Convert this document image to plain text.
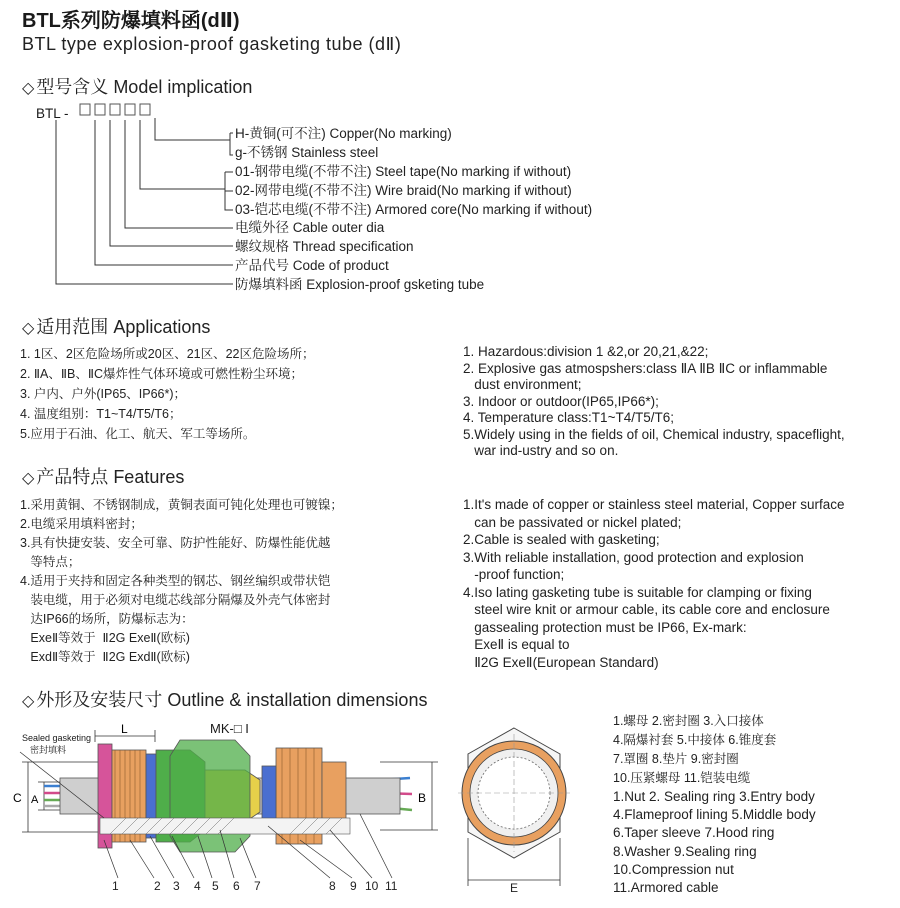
BTL系列防爆填料函(dⅡ)
BTL type explosion-proof gasketing tube (dⅡ)
◇ 型号含义 Model implication
BTL -
H-黄铜(可不注) Copper(No marking)
g-不锈钢 Stainless steel
01-钢带电缆(不带不注) Steel tape(No marking if without)
02-网带电缆(不带不注) Wire braid(No marking if without)
03-铠芯电缆(不带不注) Armored core(No marking if without)
电缆外径 Cable outer dia
螺纹规格 Thread specification
产品代号 Code of product
防爆填料函 Explosion-proof gsketing tube
◇ 适用范围 Applications
1. 1区、2区危险场所或20区、21区、22区危险场所；
2. ⅡA、ⅡB、ⅡC爆炸性气体环境或可燃性粉尘环境；
3. 户内、户外(IP65、IP66*)；
4. 温度组别：T1~T4/T5/T6；
5.应用于石油、化工、航天、军工等场所。
1. Hazardous:division 1 &2,or 20,21,&22;
2. Explosive gas atmospshers:class ⅡA ⅡB ⅡC or inflammable
dust environment;
3. Indoor or outdoor(IP65,IP66*);
4. Temperature class:T1~T4/T5/T6;
5.Widely using in the fields of oil, Chemical industry, spaceflight,
war ind-ustry and so on.
◇ 产品特点 Features
1.采用黄铜、不锈钢制成，黄铜表面可钝化处理也可镀镍；
2.电缆采用填料密封；
3.具有快捷安装、安全可靠、防护性能好、防爆性能优越
等特点；
4.适用于夹持和固定各种类型的钢芯、钢丝编织或带状铠
装电缆，用于必须对电缆芯线部分隔爆及外壳气体密封
达IP66的场所，防爆标志为：
ExeⅡ等效于  Ⅱ2G ExeⅡ(欧标)
ExdⅡ等效于  Ⅱ2G ExdⅡ(欧标)
1.It's made of copper or stainless steel material, Copper surface
can be passivated or nickel plated;
2.Cable is sealed with gasketing;
3.With reliable installation, good protection and explosion
-proof function;
4.Iso lating gasketing tube is suitable for clamping or fixing
steel wire knit or armour cable, its cable core and enclosure
gassealing protection must be IP66, Ex-mark:
ExeⅡ is equal to
Ⅱ2G ExeⅡ(European Standard)
◇ 外形及安装尺寸 Outline & installation dimensions
MK-□ I
Sealed gasketing
密封填料
L
C A	B
1	2 3 4 5 6 7	8 9 10 11	E
1.螺母 2.密封圈 3.入口接体
4.隔爆衬套 5.中接体 6.锥度套
7.罩圈 8.垫片 9.密封圈
10.压紧螺母 11.铠装电缆
1.Nut 2. Sealing ring 3.Entry body
4.Flameproof lining 5.Middle body
6.Taper sleeve 7.Hood ring
8.Washer 9.Sealing ring
10.Compression nut
11.Armored cable
